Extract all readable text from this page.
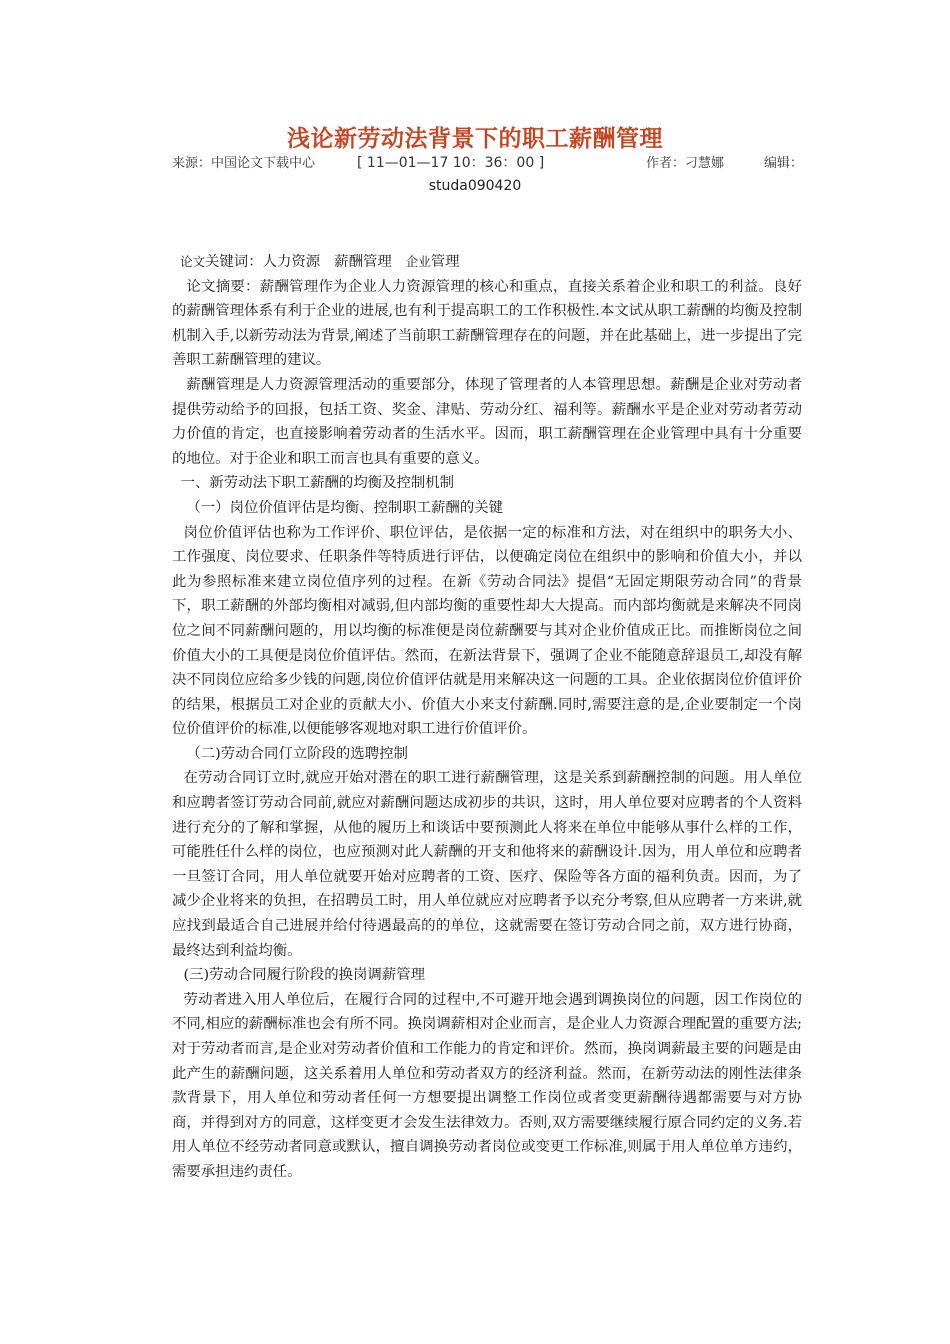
浅论新劳动法背景下的职工薪酬管理
来源：中国论文下载中心	[ 11—01—17 10：36：00 ]	作者：刁慧娜	编辑：
studa090420

论文关键词：人力资源 薪酬管理 企业管理

论文摘要：薪酬管理作为企业人力资源管理的核心和重点，直接关系着企业和职工的利益。良好的薪酬管理体系有利于企业的进展,也有利于提高职工的工作积极性.本文试从职工薪酬的均衡及控制机制入手,以新劳动法为背景,阐述了当前职工薪酬管理存在的问题，并在此基础上，进一步提出了完善职工薪酬管理的建议。

薪酬管理是人力资源管理活动的重要部分，体现了管理者的人本管理思想。薪酬是企业对劳动者提供劳动给予的回报，包括工资、奖金、津贴、劳动分红、福利等。薪酬水平是企业对劳动者劳动力价值的肯定，也直接影响着劳动者的生活水平。因而，职工薪酬管理在企业管理中具有十分重要的地位。对于企业和职工而言也具有重要的意义。

一、新劳动法下职工薪酬的均衡及控制机制

（一）岗位价值评估是均衡、控制职工薪酬的关键

岗位价值评估也称为工作评价、职位评估，是依据一定的标准和方法，对在组织中的职务大小、工作强度、岗位要求、任职条件等特质进行评估，以便确定岗位在组织中的影响和价值大小，并以此为参照标准来建立岗位值序列的过程。在新《劳动合同法》提倡“无固定期限劳动合同”的背景下，职工薪酬的外部均衡相对减弱,但内部均衡的重要性却大大提高。而内部均衡就是来解决不同岗位之间不同薪酬问题的，用以均衡的标准便是岗位薪酬要与其对企业价值成正比。而推断岗位之间价值大小的工具便是岗位价值评估。然而，在新法背景下，强调了企业不能随意辞退员工,却没有解决不同岗位应给多少钱的问题,岗位价值评估就是用来解决这一问题的工具。企业依据岗位价值评价的结果，根据员工对企业的贡献大小、价值大小来支付薪酬.同时,需要注意的是,企业要制定一个岗位价值评价的标准,以便能够客观地对职工进行价值评价。

（二)劳动合同仃立阶段的选聘控制

在劳动合同订立时,就应开始对潜在的职工进行薪酬管理，这是关系到薪酬控制的问题。用人单位和应聘者签订劳动合同前,就应对薪酬问题达成初步的共识，这时，用人单位要对应聘者的个人资料进行充分的了解和掌握，从他的履历上和谈话中要预测此人将来在单位中能够从事什么样的工作，可能胜任什么样的岗位，也应预测对此人薪酬的开支和他将来的薪酬设计.因为，用人单位和应聘者一旦签订合同，用人单位就要开始对应聘者的工资、医疗、保险等各方面的福利负责。因而，为了减少企业将来的负担，在招聘员工时，用人单位就应对应聘者予以充分考察,但从应聘者一方来讲,就应找到最适合自己进展并给付待遇最高的的单位，这就需要在签订劳动合同之前，双方进行协商，最终达到利益均衡。

(三)劳动合同履行阶段的换岗调薪管理

劳动者进入用人单位后，在履行合同的过程中,不可避开地会遇到调换岗位的问题，因工作岗位的不同,相应的薪酬标准也会有所不同。换岗调薪相对企业而言，是企业人力资源合理配置的重要方法;对于劳动者而言,是企业对劳动者价值和工作能力的肯定和评价。然而，换岗调薪最主要的问题是由此产生的薪酬问题，这关系着用人单位和劳动者双方的经济利益。然而，在新劳动法的刚性法律条款背景下，用人单位和劳动者任何一方想要提出调整工作岗位或者变更薪酬待遇都需要与对方协商，并得到对方的同意，这样变更才会发生法律效力。否则,双方需要继续履行原合同约定的义务.若用人单位不经劳动者同意或默认，擅自调换劳动者岗位或变更工作标准,则属于用人单位单方违约，需要承担违约责任。
